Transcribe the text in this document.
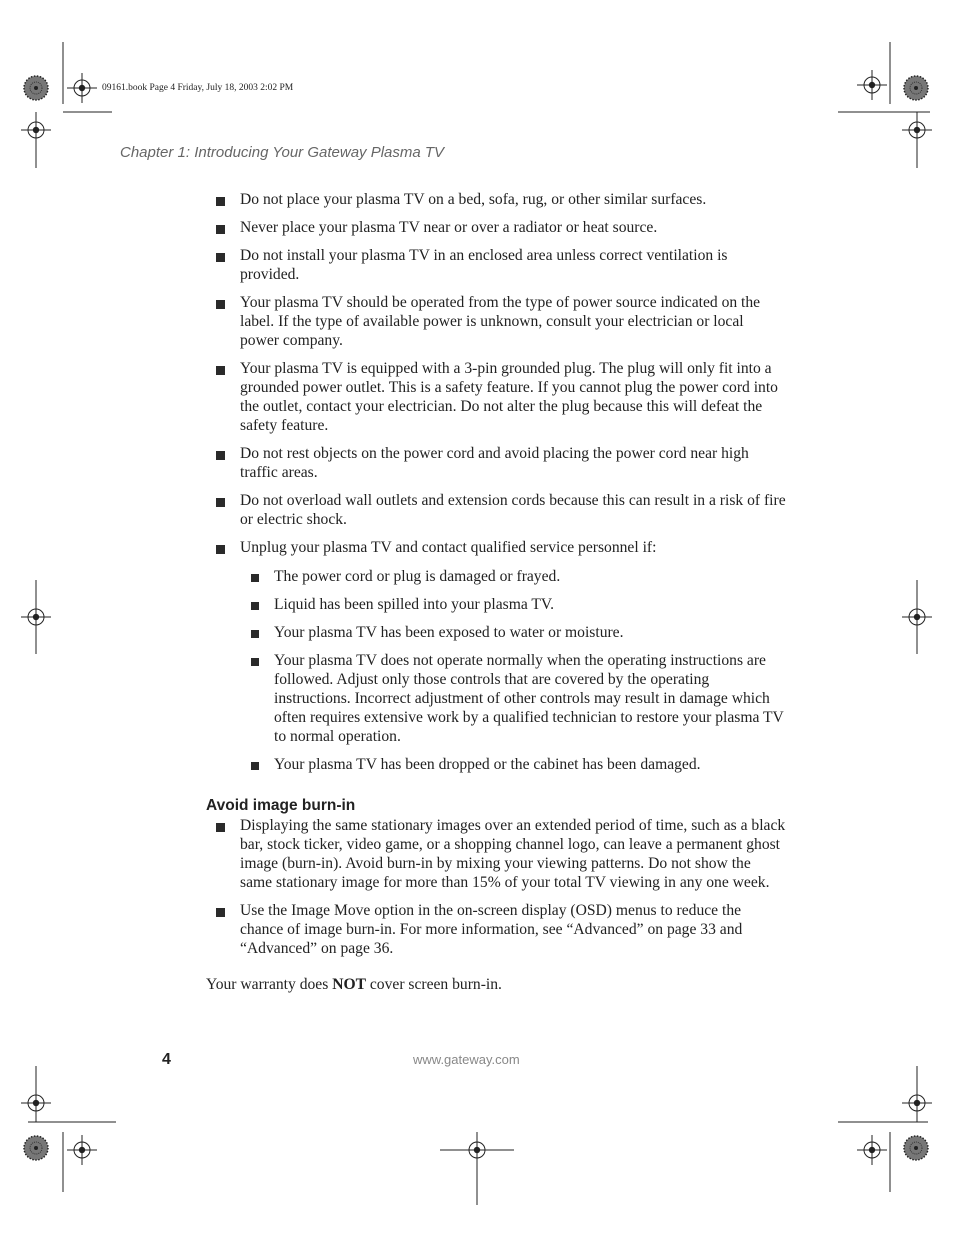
09161.book Page 4 Friday, July 18, 2003 2:02 PM
Chapter 1: Introducing Your Gateway Plasma TV
Do not place your plasma TV on a bed, sofa, rug, or other similar surfaces.
Never place your plasma TV near or over a radiator or heat source.
Do not install your plasma TV in an enclosed area unless correct ventilation is provided.
Your plasma TV should be operated from the type of power source indicated on the label. If the type of available power is unknown, consult your electrician or local power company.
Your plasma TV is equipped with a 3-pin grounded plug. The plug will only fit into a grounded power outlet. This is a safety feature. If you cannot plug the power cord into the outlet, contact your electrician. Do not alter the plug because this will defeat the safety feature.
Do not rest objects on the power cord and avoid placing the power cord near high traffic areas.
Do not overload wall outlets and extension cords because this can result in a risk of fire or electric shock.
Unplug your plasma TV and contact qualified service personnel if:
The power cord or plug is damaged or frayed.
Liquid has been spilled into your plasma TV.
Your plasma TV has been exposed to water or moisture.
Your plasma TV does not operate normally when the operating instructions are followed. Adjust only those controls that are covered by the operating instructions. Incorrect adjustment of other controls may result in damage which often requires extensive work by a qualified technician to restore your plasma TV to normal operation.
Your plasma TV has been dropped or the cabinet has been damaged.
Avoid image burn-in
Displaying the same stationary images over an extended period of time, such as a black bar, stock ticker, video game, or a shopping channel logo, can leave a permanent ghost image (burn-in). Avoid burn-in by mixing your viewing patterns. Do not show the same stationary image for more than 15% of your total TV viewing in any one week.
Use the Image Move option in the on-screen display (OSD) menus to reduce the chance of image burn-in. For more information, see “Advanced” on page 33 and “Advanced” on page 36.
Your warranty does NOT cover screen burn-in.
4	www.gateway.com
